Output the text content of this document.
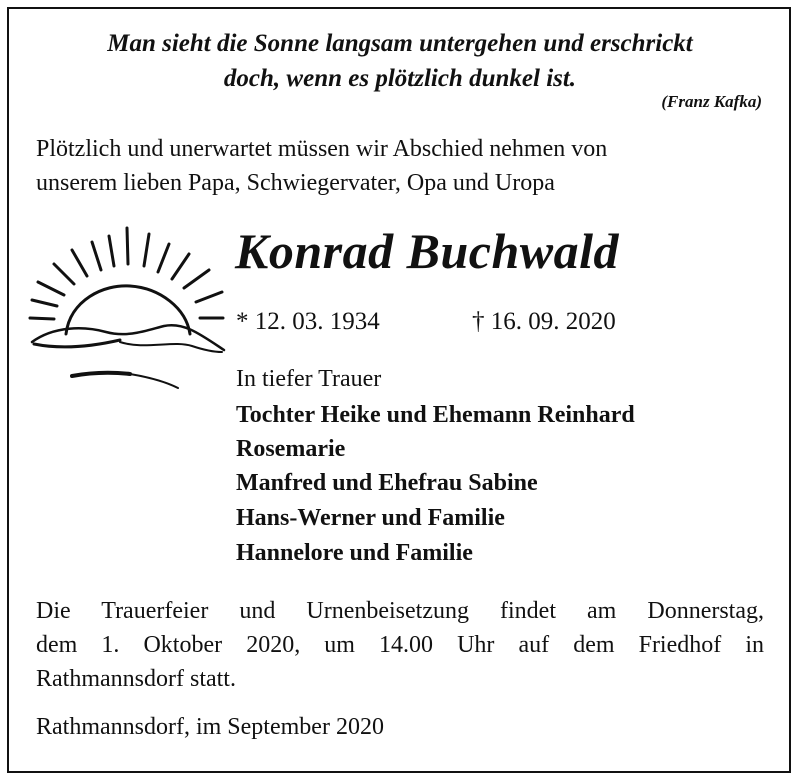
Man sieht die Sonne langsam untergehen und erschrickt
doch, wenn es plötzlich dunkel ist.
(Franz Kafka)
Plötzlich und unerwartet müssen wir Abschied nehmen von
unserem lieben Papa, Schwiegervater, Opa und Uropa
Konrad Buchwald
* 12. 03. 1934	† 16. 09. 2020
In tiefer Trauer
Tochter Heike und Ehemann Reinhard
Rosemarie
Manfred und Ehefrau Sabine
Hans-Werner und Familie
Hannelore und Familie
Die Trauerfeier und Urnenbeisetzung findet am Donnerstag,
dem 1. Oktober 2020, um 14.00 Uhr auf dem Friedhof in
Rathmannsdorf statt.
Rathmannsdorf, im September 2020
